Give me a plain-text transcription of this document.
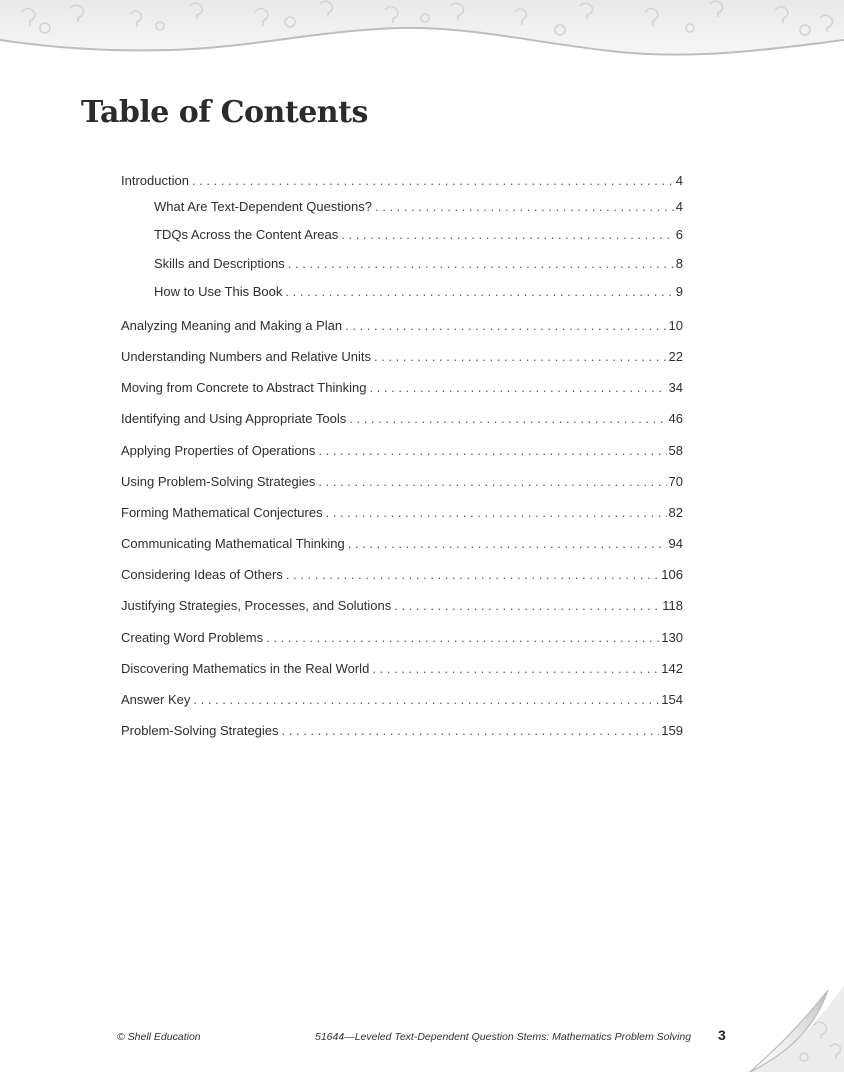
Table of Contents
Introduction . . .	4
What Are Text-Dependent Questions? . . .	4
TDQs Across the Content Areas . . .	6
Skills and Descriptions . . .	8
How to Use This Book . . .	9
Analyzing Meaning and Making a Plan . . .	10
Understanding Numbers and Relative Units . . .	22
Moving from Concrete to Abstract Thinking . . .	34
Identifying and Using Appropriate Tools . . .	46
Applying Properties of Operations . . .	58
Using Problem-Solving Strategies . . .	70
Forming Mathematical Conjectures . . .	82
Communicating Mathematical Thinking . . .	94
Considering Ideas of Others . . .	106
Justifying Strategies, Processes, and Solutions . . .	118
Creating Word Problems . . .	130
Discovering Mathematics in the Real World . . .	142
Answer Key . . .	154
Problem-Solving Strategies . . .	159
© Shell Education	51644—Leveled Text-Dependent Question Stems: Mathematics Problem Solving 3
